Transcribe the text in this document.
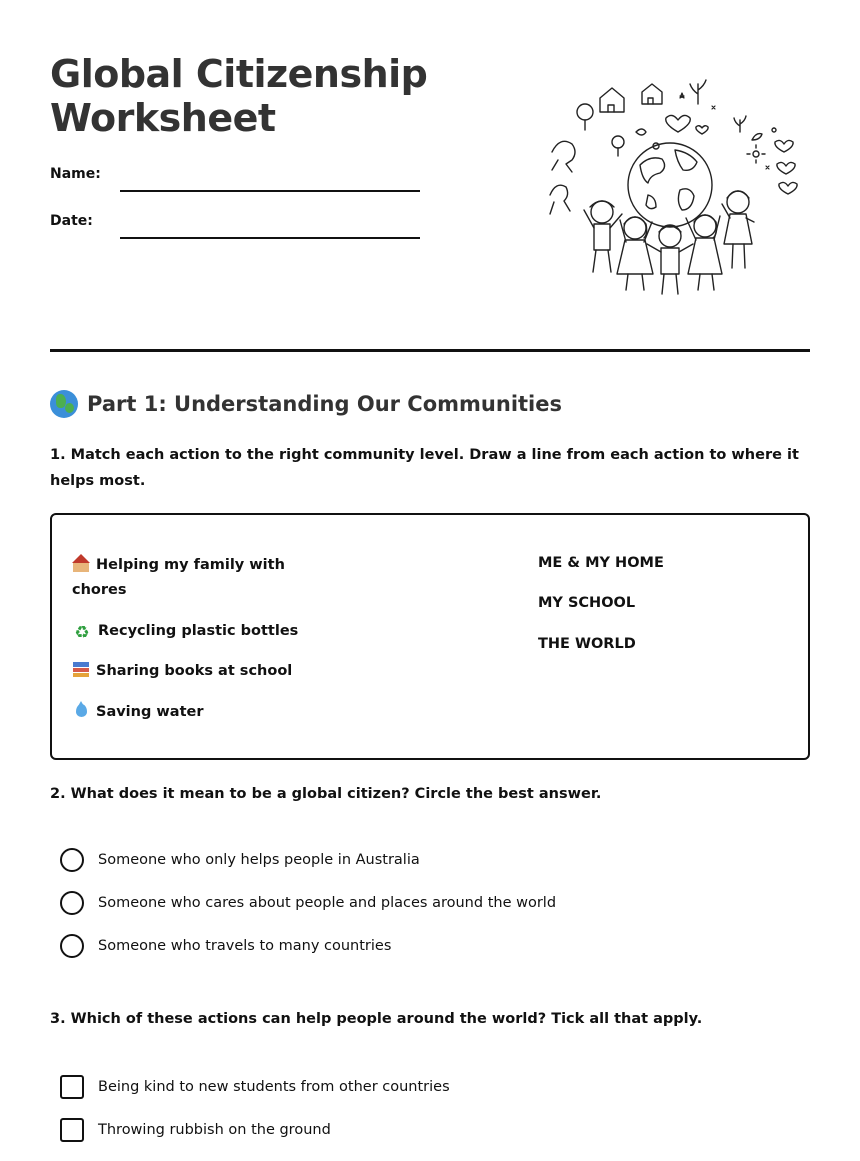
Global Citizenship
Worksheet
Name:
Date:
Part 1: Understanding Our Communities
1. Match each action to the right community level. Draw a line from each action to where it helps most.
Helping my family with chores
♻ Recycling plastic bottles
Sharing books at school
Saving water
ME & MY HOME
MY SCHOOL
THE WORLD
2. What does it mean to be a global citizen? Circle the best answer.
Someone who only helps people in Australia
Someone who cares about people and places around the world
Someone who travels to many countries
3. Which of these actions can help people around the world? Tick all that apply.
Being kind to new students from other countries
Throwing rubbish on the ground
